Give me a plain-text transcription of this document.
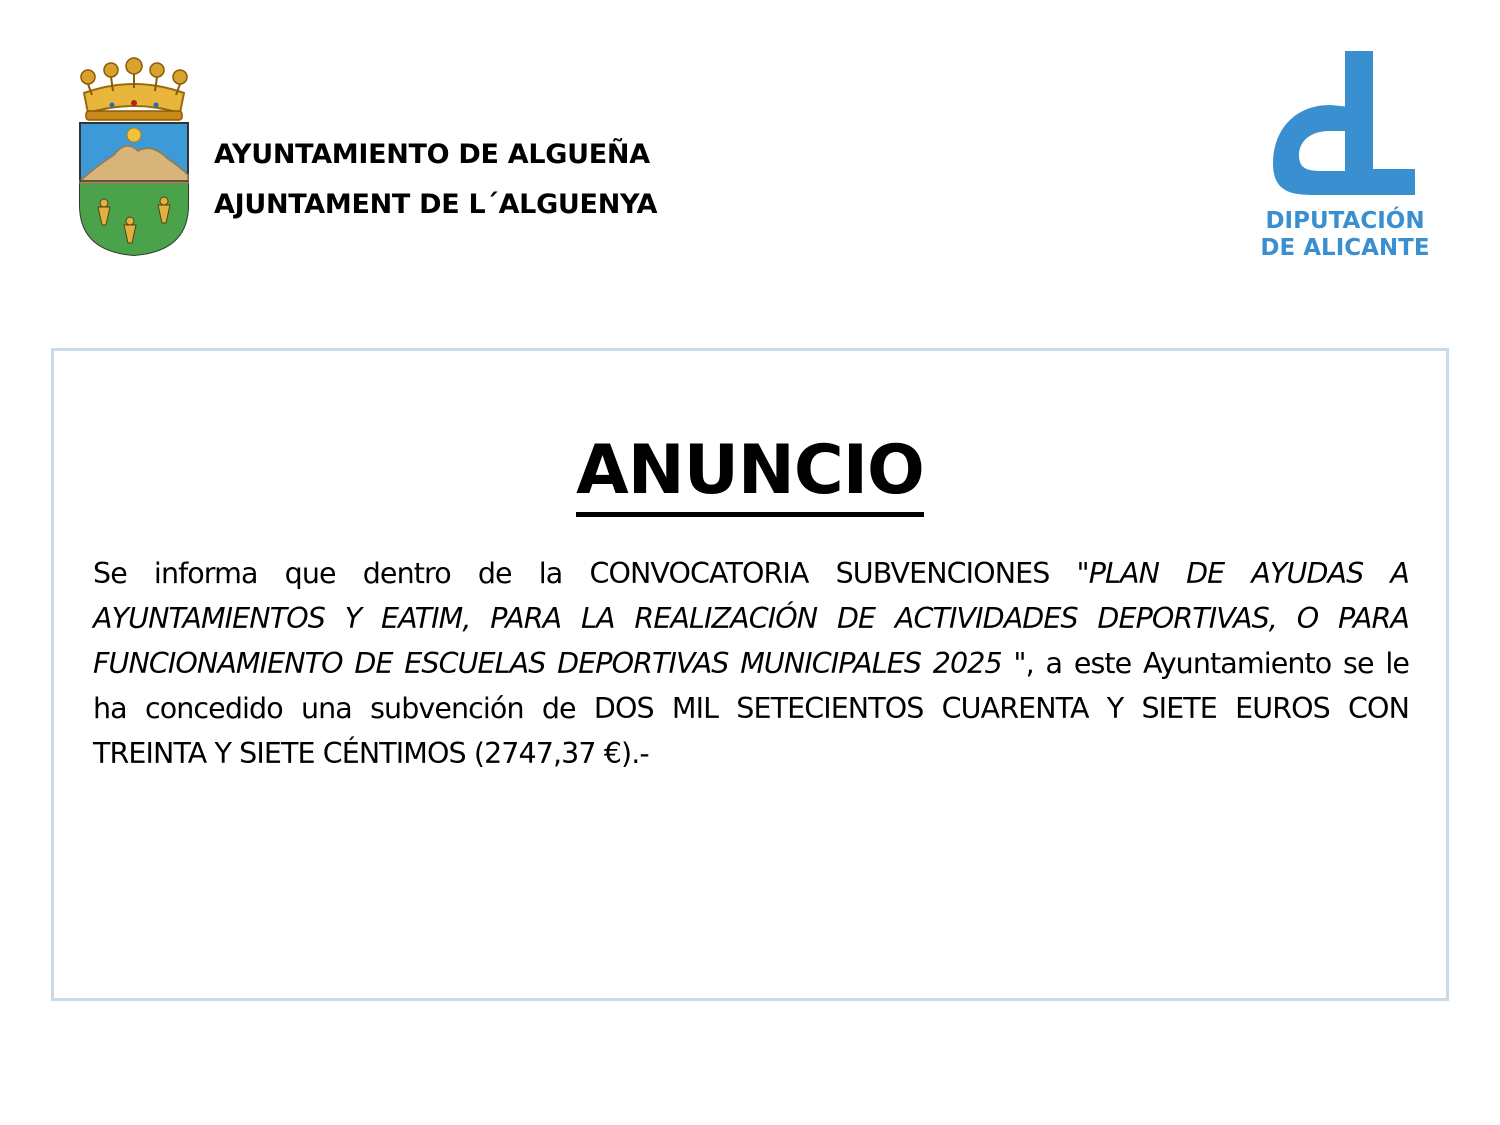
AYUNTAMIENTO DE ALGUEÑA
AJUNTAMENT DE L´ALGUENYA
DIPUTACIÓN
DE ALICANTE
ANUNCIO
Se informa que dentro de la CONVOCATORIA SUBVENCIONES "PLAN DE AYUDAS A AYUNTAMIENTOS Y EATIM, PARA LA REALIZACIÓN DE ACTIVIDADES DEPORTIVAS, O PARA FUNCIONAMIENTO DE ESCUELAS DEPORTIVAS MUNICIPALES 2025 ", a este Ayuntamiento se le ha concedido una subvención de DOS MIL SETECIENTOS CUARENTA Y SIETE EUROS CON TREINTA Y SIETE CÉNTIMOS (2747,37 €).-
